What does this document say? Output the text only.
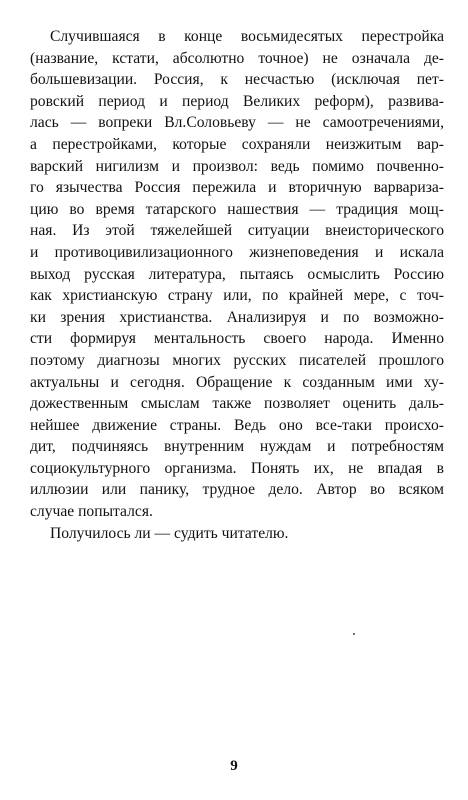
Случившаяся в конце восьмидесятых перестройка
(название, кстати, абсолютно точное) не означала де-
большевизации. Россия, к несчастью (исключая пет-
ровский период и период Великих реформ), развива-
лась — вопреки Вл.Соловьеву — не самоотречениями,
а перестройками, которые сохраняли неизжитым вар-
варский нигилизм и произвол: ведь помимо почвенно-
го язычества Россия пережила и вторичную варвариза-
цию во время татарского нашествия — традиция мощ-
ная. Из этой тяжелейшей ситуации внеисторического
и противоцивилизационного жизнеповедения и искала
выход русская литература, пытаясь осмыслить Россию
как христианскую страну или, по крайней мере, с точ-
ки зрения христианства. Анализируя и по возможно-
сти формируя ментальность своего народа. Именно
поэтому диагнозы многих русских писателей прошлого
актуальны и сегодня. Обращение к созданным ими ху-
дожественным смыслам также позволяет оценить даль-
нейшее движение страны. Ведь оно все-таки происхо-
дит, подчиняясь внутренним нуждам и потребностям
социокультурного организма. Понять их, не впадая в
иллюзии или панику, трудное дело. Автор во всяком
случае попытался.
Получилось ли — судить читателю.
9
